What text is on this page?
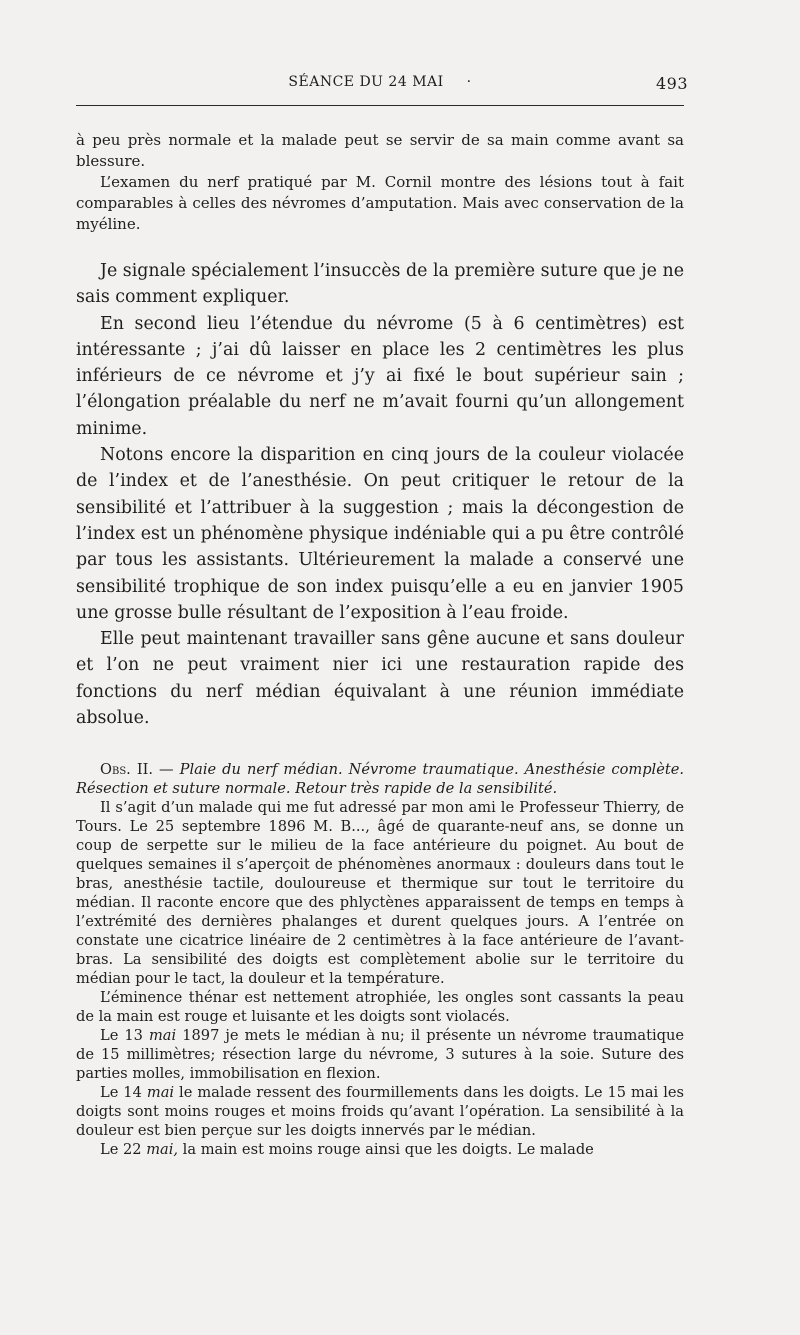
SÉANCE DU 24 MAI ·	493

à peu près normale et la malade peut se servir de sa main comme avant sa blessure.

L’examen du nerf pratiqué par M. Cornil montre des lésions tout à fait comparables à celles des névromes d’amputation. Mais avec conservation de la myéline.

Je signale spécialement l’insuccès de la première suture que je ne sais comment expliquer.

En second lieu l’étendue du névrome (5 à 6 centimètres) est intéressante ; j’ai dû laisser en place les 2 centimètres les plus inférieurs de ce névrome et j’y ai fixé le bout supérieur sain ; l’élongation préalable du nerf ne m’avait fourni qu’un allongement minime.

Notons encore la disparition en cinq jours de la couleur violacée de l’index et de l’anesthésie. On peut critiquer le retour de la sensibilité et l’attribuer à la suggestion ; mais la décongestion de l’index est un phénomène physique indéniable qui a pu être contrôlé par tous les assistants. Ultérieurement la malade a conservé une sensibilité trophique de son index puisqu’elle a eu en janvier 1905 une grosse bulle résultant de l’exposition à l’eau froide.

Elle peut maintenant travailler sans gêne aucune et sans douleur et l’on ne peut vraiment nier ici une restauration rapide des fonctions du nerf médian équivalant à une réunion immédiate absolue.

Obs. II. — Plaie du nerf médian. Névrome traumatique. Anesthésie complète. Résection et suture normale. Retour très rapide de la sensibilité.

Il s’agit d’un malade qui me fut adressé par mon ami le Professeur Thierry, de Tours. Le 25 septembre 1896 M. B..., âgé de quarante-neuf ans, se donne un coup de serpette sur le milieu de la face antérieure du poignet. Au bout de quelques semaines il s’aperçoit de phénomènes anormaux : douleurs dans tout le bras, anesthésie tactile, douloureuse et thermique sur tout le territoire du médian. Il raconte encore que des phlyctènes apparaissent de temps en temps à l’extrémité des dernières phalanges et durent quelques jours. A l’entrée on constate une cicatrice linéaire de 2 centimètres à la face antérieure de l’avant-bras. La sensibilité des doigts est complètement abolie sur le territoire du médian pour le tact, la douleur et la température.

L’éminence thénar est nettement atrophiée, les ongles sont cassants la peau de la main est rouge et luisante et les doigts sont violacés.

Le 13 mai 1897 je mets le médian à nu; il présente un névrome traumatique de 15 millimètres; résection large du névrome, 3 sutures à la soie. Suture des parties molles, immobilisation en flexion.

Le 14 mai le malade ressent des fourmillements dans les doigts. Le 15 mai les doigts sont moins rouges et moins froids qu’avant l’opération. La sensibilité à la douleur est bien perçue sur les doigts innervés par le médian.

Le 22 mai, la main est moins rouge ainsi que les doigts. Le malade
